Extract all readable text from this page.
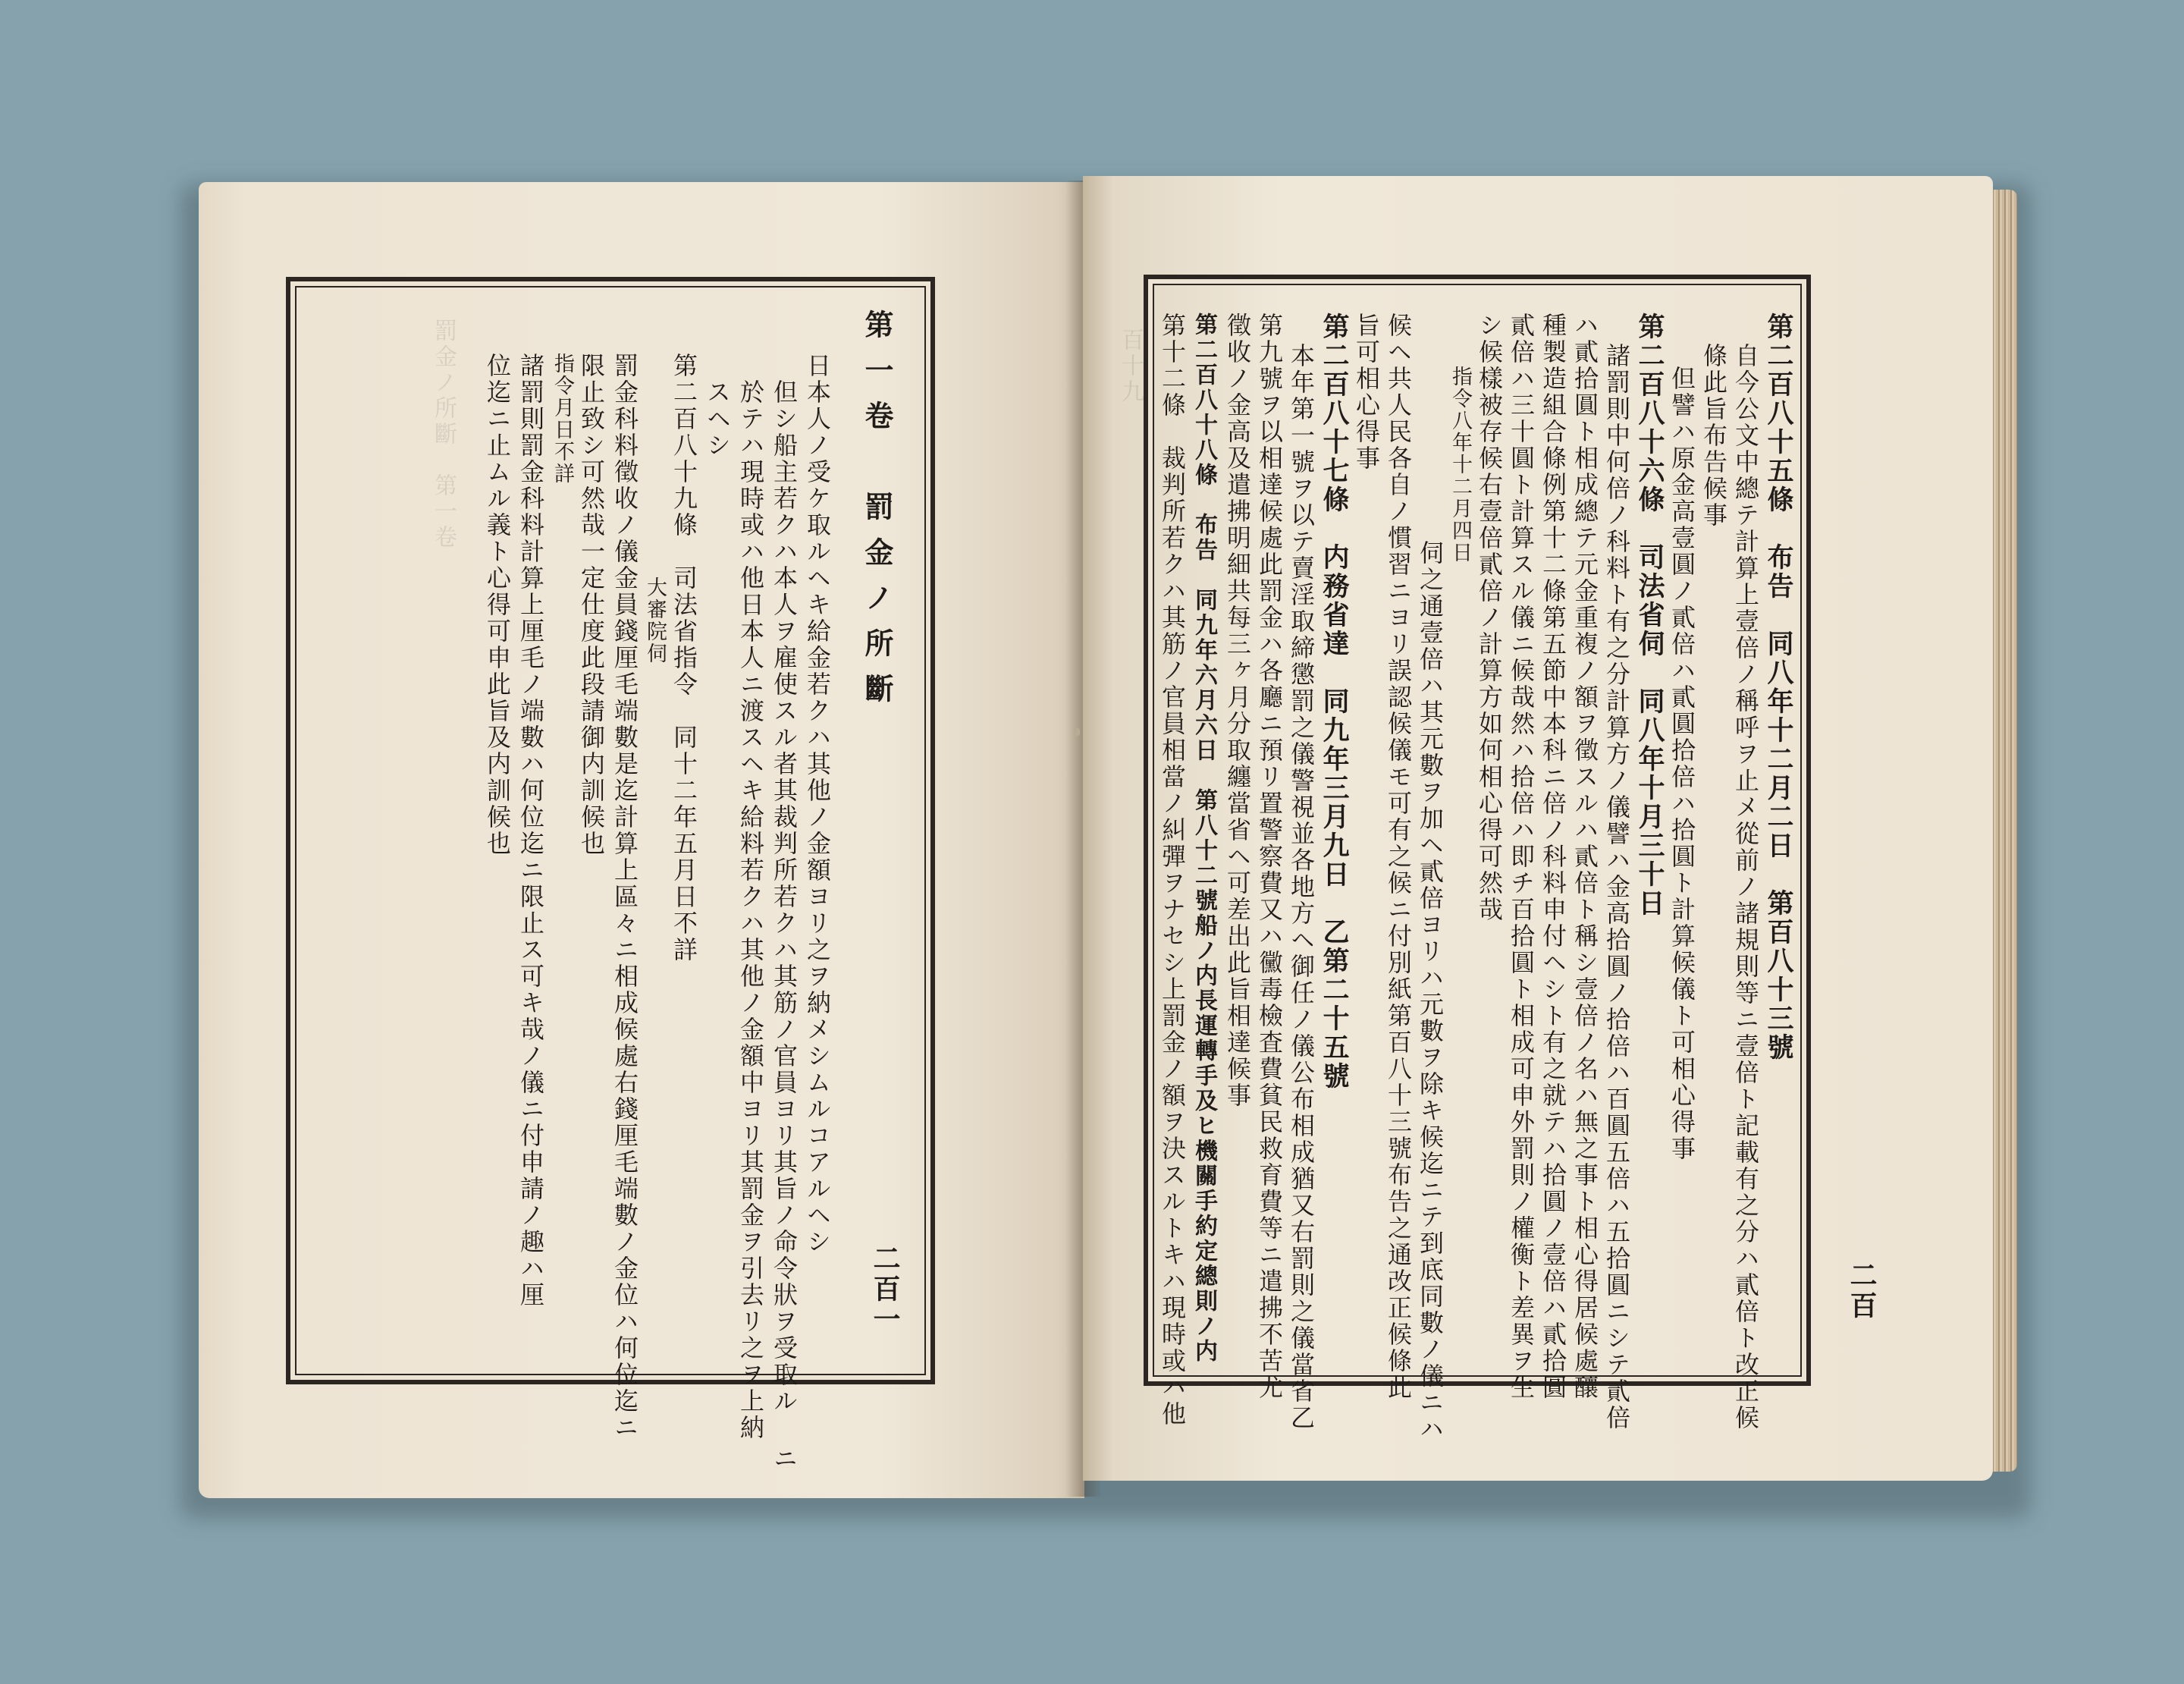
罰金ノ所斷　第一卷	第一卷　罰金ノ所斷
二百一
日本人ノ受ケ取ルヘキ給金若クハ其他ノ金額ヨリ之ヲ納メシムルコアルヘシ
但シ船主若クハ本人ヲ雇使スル者其裁判所若クハ其筋ノ官員ヨリ其旨ノ命令狀ヲ受取ル ニ
於テハ現時或ハ他日本人ニ渡スヘキ給料若クハ其他ノ金額中ヨリ其罰金ヲ引去リ之ヲ上納
スヘシ
第二百八十九條　司法省指令　同十二年五月日不詳
大審院伺
罰金科料徵收ノ儀金員錢厘毛端數是迄計算上區々ニ相成候處右錢厘毛端數ノ金位ハ何位迄ニ
限止致シ可然哉一定仕度此段請御内訓候也
指令月日不詳
諸罰則罰金科料計算上厘毛ノ端數ハ何位迄ニ限止ス可キ哉ノ儀ニ付申請ノ趣ハ厘
位迄ニ止ムル義ト心得可申此旨及内訓候也	百十九
二百
第二百八十五條　布告　同八年十二月二日　第百八十三號
自今公文中總テ計算上壹倍ノ稱呼ヲ止メ從前ノ諸規則等ニ壹倍ト記載有之分ハ貳倍ト改正候
條此旨布告候事
但譬ハ原金高壹圓ノ貳倍ハ貳圓拾倍ハ拾圓ト計算候儀ト可相心得事
第二百八十六條　司法省伺　同八年十月三十日
諸罰則中何倍ノ科料ト有之分計算方ノ儀譬ハ金高拾圓ノ拾倍ハ百圓五倍ハ五拾圓ニシテ貳倍
ハ貳拾圓ト相成總テ元金重複ノ額ヲ徵スルハ貳倍ト稱シ壹倍ノ名ハ無之事ト相心得居候處釀
種製造組合條例第十二條第五節中本科ニ倍ノ科料申付ヘシト有之就テハ拾圓ノ壹倍ハ貳拾圓
貳倍ハ三十圓ト計算スル儀ニ候哉然ハ拾倍ハ即チ百拾圓ト相成可申外罰則ノ權衡ト差異ヲ生
シ候樣被存候右壹倍貳倍ノ計算方如何相心得可然哉
指令八年十二月四日
伺之通壹倍ハ其元數ヲ加ヘ貳倍ヨリハ元數ヲ除キ候迄ニテ到底同數ノ儀ニハ
候ヘ共人民各自ノ慣習ニヨリ誤認候儀モ可有之候ニ付別紙第百八十三號布告之通改正候條此
旨可相心得事
第二百八十七條　内務省達　同九年三月九日　乙第二十五號
本年第一號ヲ以テ賣淫取締懲罰之儀警視並各地方ヘ御任ノ儀公布相成猶又右罰則之儀當省乙
第九號ヲ以相達候處此罰金ハ各廳ニ預リ置警察費又ハ黴毒檢査費貧民救育費等ニ遣拂不苦尤
徵收ノ金高及遣拂明細共每三ヶ月分取纏當省ヘ可差出此旨相達候事
第二百八十八條　布告　同九年六月六日　第八十二號船ノ内長運轉手及ヒ機關手約定總則ノ内
第十二條　裁判所若クハ其筋ノ官員相當ノ糾彈ヲナセシ上罰金ノ額ヲ決スルトキハ現時或ハ他
